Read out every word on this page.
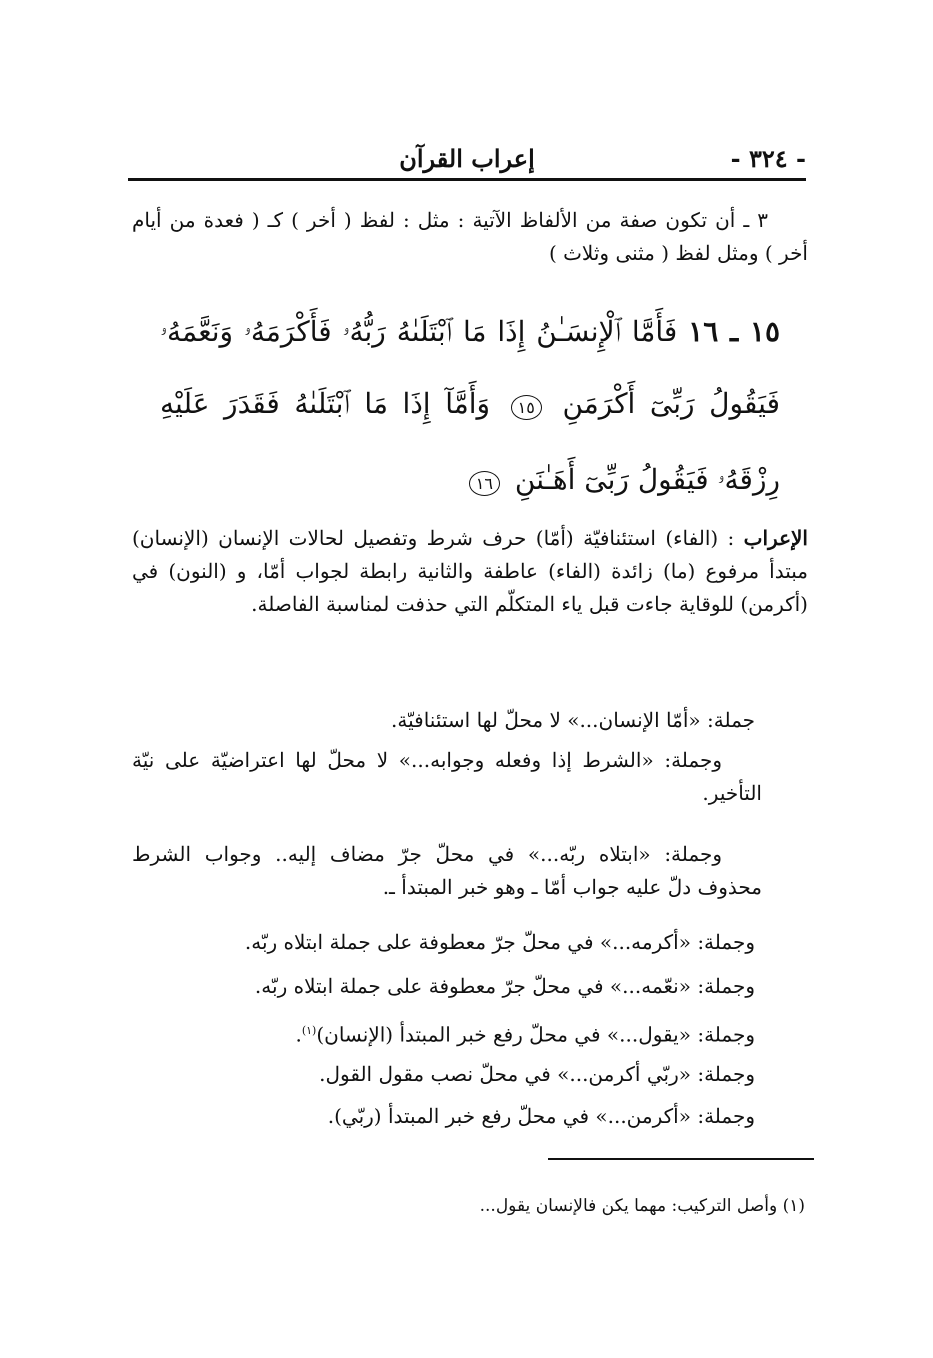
- ٣٢٤ -
إعراب القرآن
٣ ـ أن تكون صفة من الألفاظ الآتية : مثل : لفظ ( أخر ) كـ ( فعدة من أيام أخر ) ومثل لفظ ( مثنى وثلاث )
١٥ ـ ١٦ فَأَمَّا ٱلْإِنسَـٰنُ إِذَا مَا ٱبْتَلَىٰهُ رَبُّهُۥ فَأَكْرَمَهُۥ وَنَعَّمَهُۥ فَيَقُولُ رَبِّىٓ أَكْرَمَنِ ١٥ وَأَمَّآ إِذَا مَا ٱبْتَلَىٰهُ فَقَدَرَ عَلَيْهِ رِزْقَهُۥ فَيَقُولُ رَبِّىٓ أَهَـٰنَنِ ١٦
الإعراب : (الفاء) استئنافيّة (أمّا) حرف شرط وتفصيل لحالات الإنسان (الإنسان) مبتدأ مرفوع (ما) زائدة (الفاء) عاطفة والثانية رابطة لجواب أمّا، و (النون) في (أكرمن) للوقاية جاءت قبل ياء المتكلّم التي حذفت لمناسبة الفاصلة.
جملة: «أمّا الإنسان...» لا محلّ لها استئنافيّة.
وجملة: «الشرط إذا وفعله وجوابه...» لا محلّ لها اعتراضيّة على نيّة التأخير.
وجملة: «ابتلاه ربّه...» في محلّ جرّ مضاف إليه.. وجواب الشرط محذوف دلّ عليه جواب أمّا ـ وهو خبر المبتدأ ـ.
وجملة: «أكرمه...» في محلّ جرّ معطوفة على جملة ابتلاه ربّه.
وجملة: «نعّمه...» في محلّ جرّ معطوفة على جملة ابتلاه ربّه.
وجملة: «يقول...» في محلّ رفع خبر المبتدأ (الإنسان)$^{(١)}$.
وجملة: «ربّي أكرمن...» في محلّ نصب مقول القول.
وجملة: «أكرمن...» في محلّ رفع خبر المبتدأ (ربّي).
(١) وأصل التركيب: مهما يكن فالإنسان يقول...
